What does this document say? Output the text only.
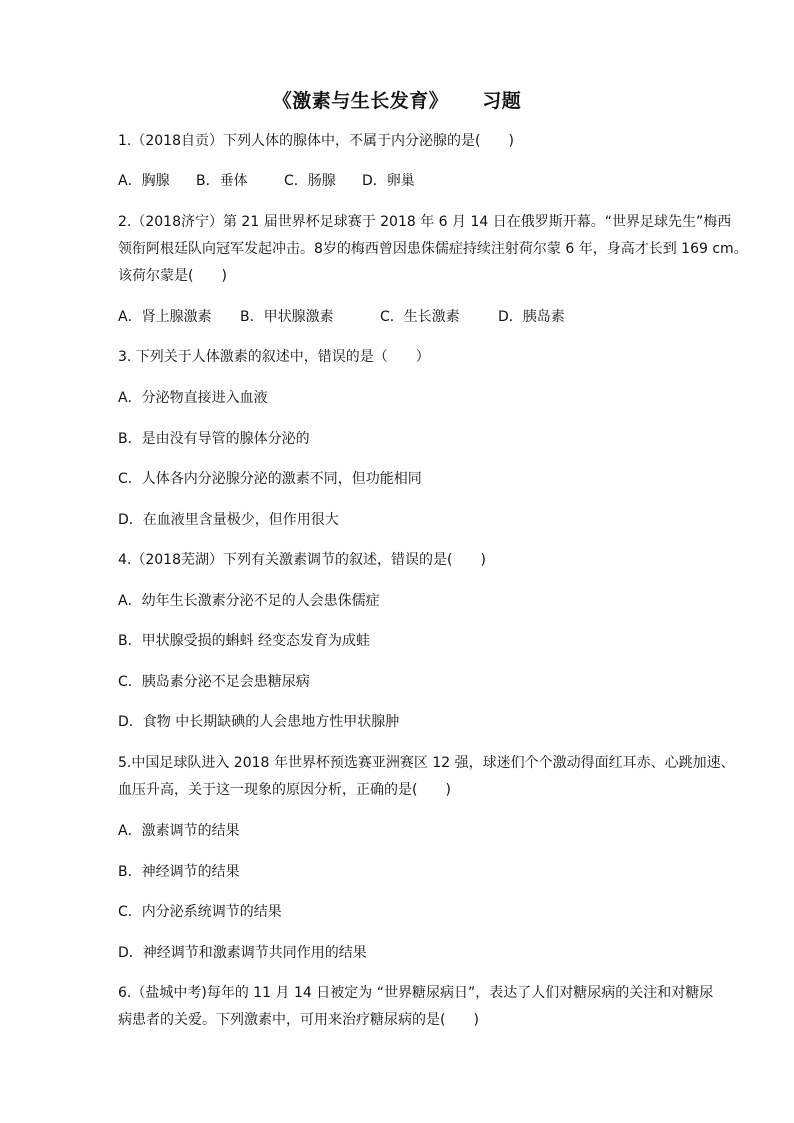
《激素与生长发育》 习题
1.（2018自贡）下列人体的腺体中，不属于内分泌腺的是(　　)
A．胸腺 B．垂体	C．肠腺 D．卵巢
2.（2018济宁）第 21 届世界杯足球赛于 2018 年 6 月 14 日在俄罗斯开幕。“世界足球先生”梅西
领衔阿根廷队向冠军发起冲击。8岁的梅西曾因患侏儒症持续注射荷尔蒙 6 年，身高才长到 169 cm。
该荷尔蒙是(　　)
A．肾上腺激素 B．甲状腺激素	C．生长激素	D．胰岛素
3. 下列关于人体激素的叙述中，错误的是（　　）
A．分泌物直接进入血液
B．是由没有导管的腺体分泌的
C．人体各内分泌腺分泌的激素不同，但功能相同
D．在血液里含量极少，但作用很大
4.（2018芜湖）下列有关激素调节的叙述，错误的是(　　)
A．幼年生长激素分泌不足的人会患侏儒症
B．甲状腺受损的蝌蚪 经变态发育为成蛙
C．胰岛素分泌不足会患糖尿病
D．食物 中长期缺碘的人会患地方性甲状腺肿
5.中国足球队进入 2018 年世界杯预选赛亚洲赛区 12 强，球迷们个个激动得面红耳赤、心跳加速、
血压升高，关于这一现象的原因分析，正确的是(　　)
A．激素调节的结果
B．神经调节的结果
C．内分泌系统调节的结果
D．神经调节和激素调节共同作用的结果
6.（盐城中考)每年的 11 月 14 日被定为 “世界糖尿病日”，表达了人们对糖尿病的关注和对糖尿
病患者的关爱。下列激素中，可用来治疗糖尿病的是(　　)
